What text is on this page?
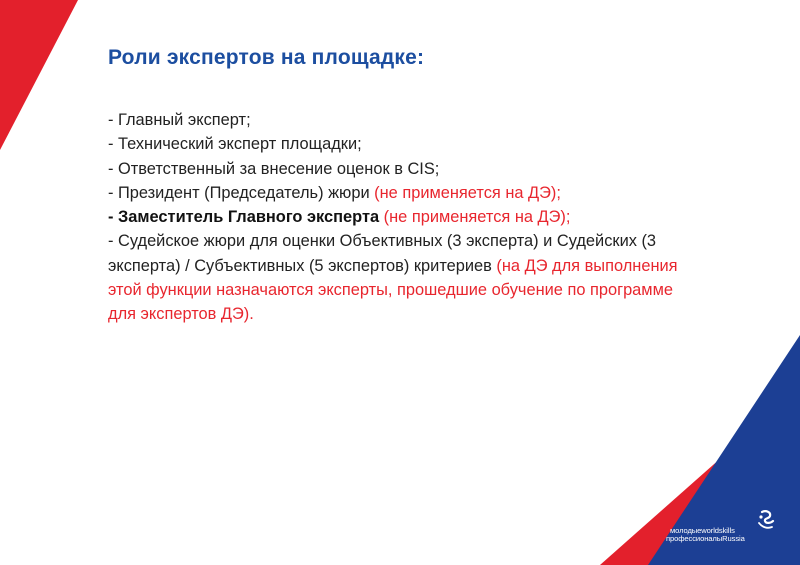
Роли экспертов на площадке:

- Главный эксперт;

- Технический эксперт площадки;

- Ответственный за внесение оценок в CIS;

- Президент (Председатель) жюри (не применяется на ДЭ);

- Заместитель Главного эксперта (не применяется на ДЭ);

- Судейское жюри для оценки Объективных (3 эксперта) и Судейских (3 эксперта) / Субъективных (5 экспертов) критериев (на ДЭ для выполнения этой функции назначаются эксперты, прошедшие обучение по программе для экспертов ДЭ).

молодыеworldskills
профессионалыRussia
